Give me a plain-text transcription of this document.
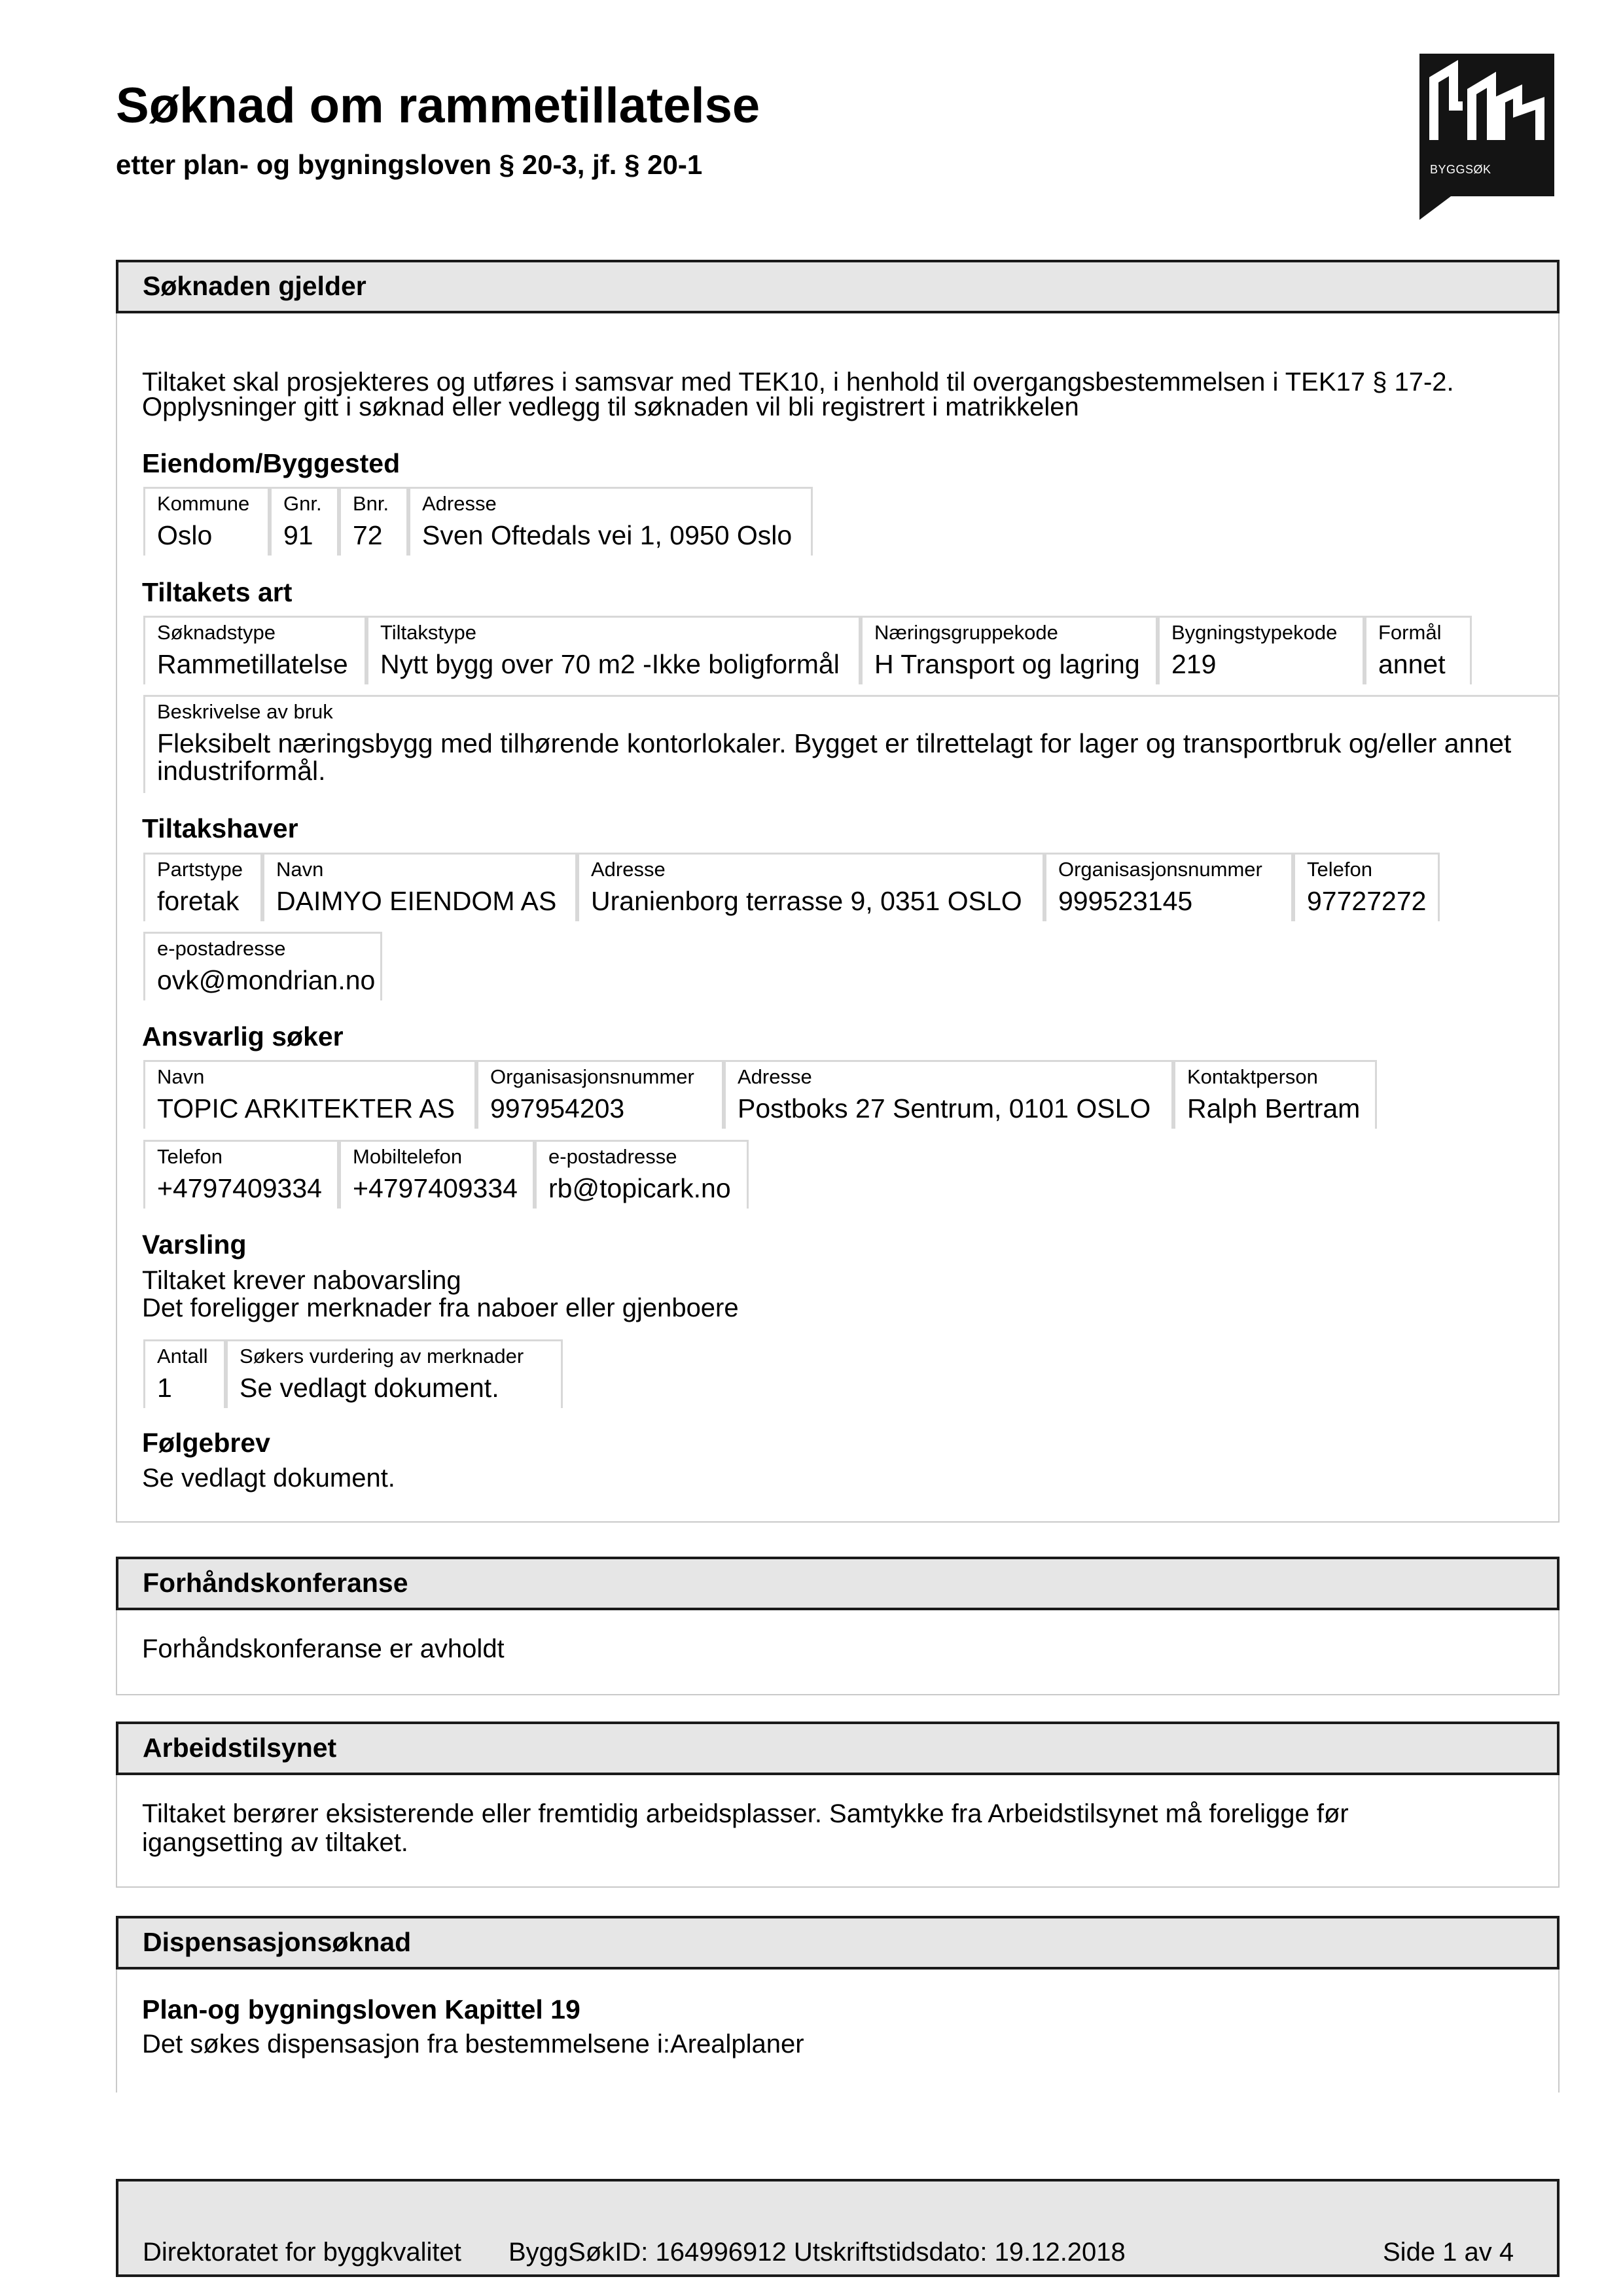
Søknad om rammetillatelse
etter plan- og bygningsloven § 20-3, jf. § 20-1	BYGGSØK
Søknaden gjelder
Tiltaket skal prosjekteres og utføres i samsvar med TEK10, i henhold til overgangsbestemmelsen i TEK17 § 17-2.
Opplysninger gitt i søknad eller vedlegg til søknaden vil bli registrert i matrikkelen
Eiendom/Byggested
Kommune
Oslo
Gnr.
91
Bnr.
72
Adresse
Sven Oftedals vei 1, 0950 Oslo
Tiltakets art
Søknadstype
Rammetillatelse
Tiltakstype
Nytt bygg over 70 m2 -Ikke boligformål
Næringsgruppekode
H Transport og lagring
Bygningstypekode
219
Formål
annet
Beskrivelse av bruk
Fleksibelt næringsbygg med tilhørende kontorlokaler. Bygget er tilrettelagt for lager og transportbruk og/eller annet
industriformål.
Tiltakshaver
Partstype
foretak
Navn
DAIMYO EIENDOM AS
Adresse
Uranienborg terrasse 9, 0351 OSLO
Organisasjonsnummer
999523145
Telefon
97727272
e-postadresse
ovk@mondrian.no
Ansvarlig søker
Navn
TOPIC ARKITEKTER AS
Organisasjonsnummer
997954203
Adresse
Postboks 27 Sentrum, 0101 OSLO
Kontaktperson
Ralph Bertram
Telefon
+4797409334
Mobiltelefon
+4797409334
e-postadresse
rb@topicark.no
Varsling
Tiltaket krever nabovarsling
Det foreligger merknader fra naboer eller gjenboere
Antall
1
Søkers vurdering av merknader
Se vedlagt dokument.
Følgebrev
Se vedlagt dokument.
Forhåndskonferanse
Forhåndskonferanse er avholdt
Arbeidstilsynet
Tiltaket berører eksisterende eller fremtidig arbeidsplasser. Samtykke fra Arbeidstilsynet må foreligge før
igangsetting av tiltaket.
Dispensasjonsøknad
Plan-og bygningsloven Kapittel 19
Det søkes dispensasjon fra bestemmelsene i:Arealplaner
Direktoratet for byggkvalitet ByggSøkID: 164996912 Utskriftstidsdato: 19.12.2018	Side 1 av 4
